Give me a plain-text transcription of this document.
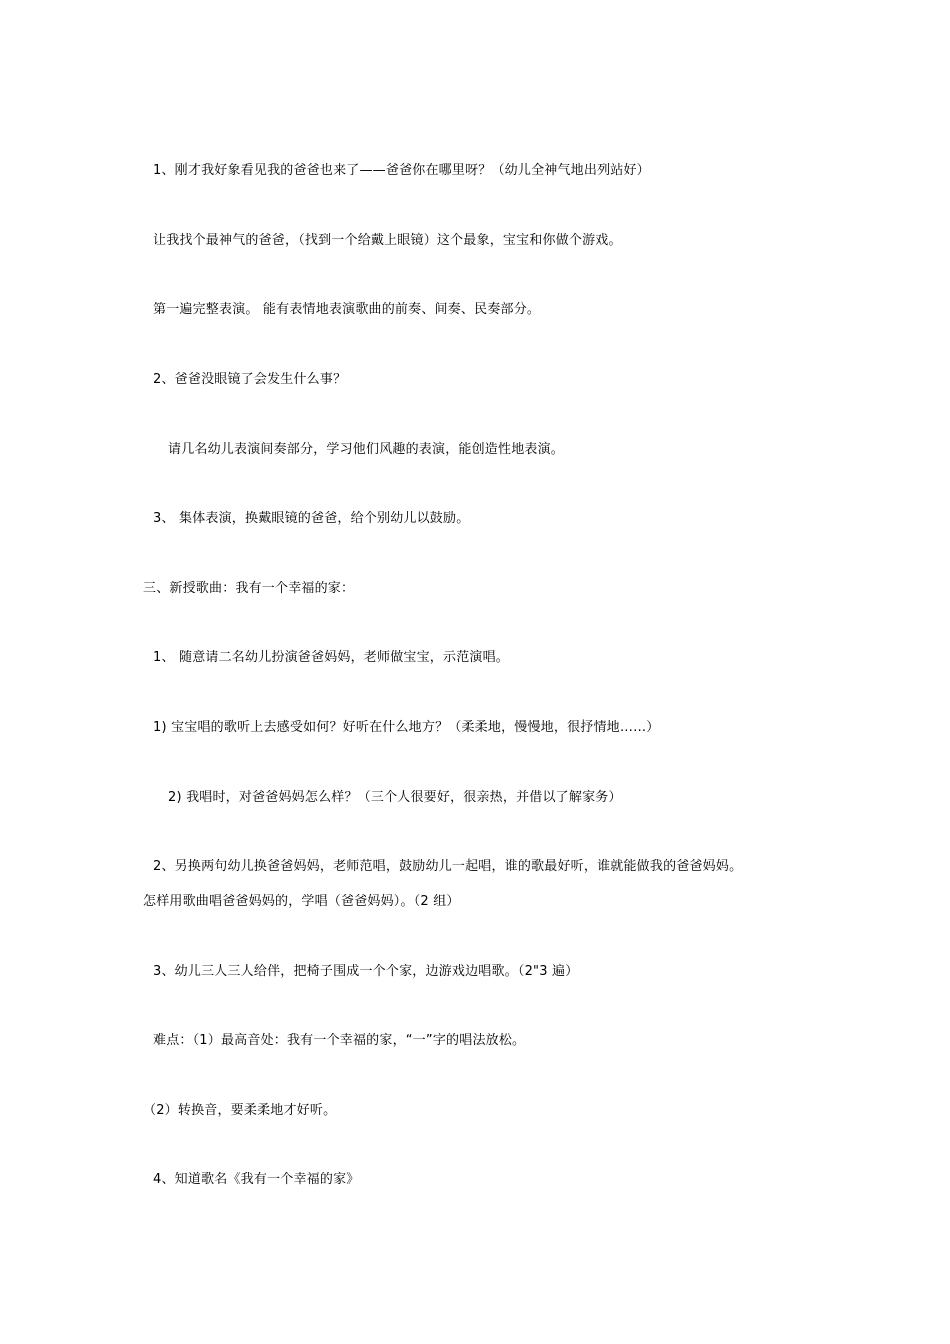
1、刚才我好象看见我的爸爸也来了——爸爸你在哪里呀？（幼儿全神气地出列站好）
让我找个最神气的爸爸，（找到一个给戴上眼镜）这个最象，宝宝和你做个游戏。
第一遍完整表演。 能有表情地表演歌曲的前奏、间奏、民奏部分。
2、爸爸没眼镜了会发生什么事？
请几名幼儿表演间奏部分，学习他们风趣的表演，能创造性地表演。
3、 集体表演，换戴眼镜的爸爸，给个别幼儿以鼓励。
三、新授歌曲：我有一个幸福的家：
1、 随意请二名幼儿扮演爸爸妈妈，老师做宝宝，示范演唱。
1) 宝宝唱的歌听上去感受如何？好听在什么地方？（柔柔地，慢慢地，很抒情地……）
2) 我唱时，对爸爸妈妈怎么样？（三个人很要好，很亲热，并借以了解家务）
2、另换两句幼儿换爸爸妈妈，老师范唱，鼓励幼儿一起唱，谁的歌最好听，谁就能做我的爸爸妈妈。
怎样用歌曲唱爸爸妈妈的，学唱（爸爸妈妈）。（2 组）
3、幼儿三人三人给伴，把椅子围成一个个家，边游戏边唱歌。（2"3 遍）
难点：（1）最高音处：我有一个幸福的家，“一”字的唱法放松。
（2）转换音，要柔柔地才好听。
4、知道歌名《我有一个幸福的家》
